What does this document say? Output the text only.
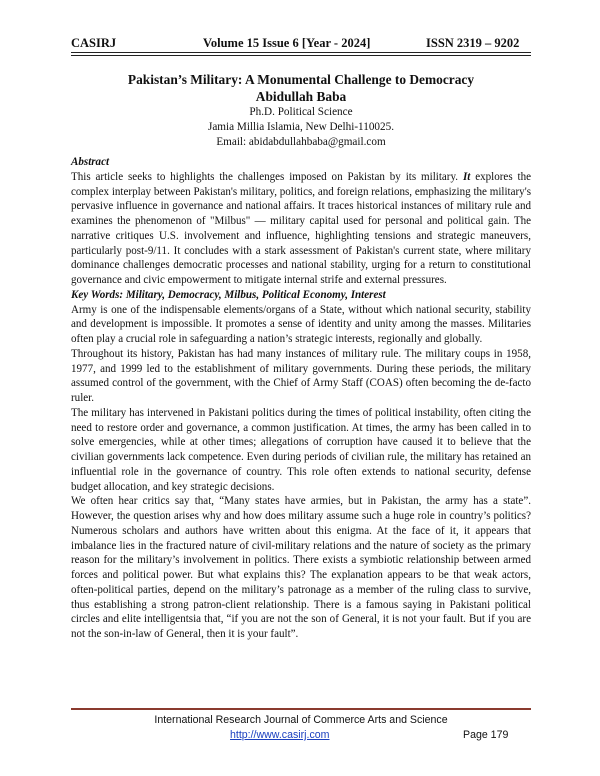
CASIRJ	Volume 15 Issue 6 [Year - 2024]	ISSN 2319 – 9202

Pakistan’s Military: A Monumental Challenge to Democracy

Abidullah Baba

Ph.D. Political Science

Jamia Millia Islamia, New Delhi-110025.

Email: abidabdullahbaba@gmail.com

Abstract

This article seeks to highlights the challenges imposed on Pakistan by its military. It explores the complex interplay between Pakistan's military, politics, and foreign relations, emphasizing the military's pervasive influence in governance and national affairs. It traces historical instances of military rule and examines the phenomenon of "Milbus" — military capital used for personal and political gain. The narrative critiques U.S. involvement and influence, highlighting tensions and strategic maneuvers, particularly post-9/11. It concludes with a stark assessment of Pakistan's current state, where military dominance challenges democratic processes and national stability, urging for a return to constitutional governance and civic empowerment to mitigate internal strife and external pressures.

Key Words: Military, Democracy, Milbus, Political Economy, Interest

Army is one of the indispensable elements/organs of a State, without which national security, stability and development is impossible. It promotes a sense of identity and unity among the masses. Militaries often play a crucial role in safeguarding a nation’s strategic interests, regionally and globally.

Throughout its history, Pakistan has had many instances of military rule. The military coups in 1958, 1977, and 1999 led to the establishment of military governments. During these periods, the military assumed control of the government, with the Chief of Army Staff (COAS) often becoming the de-facto ruler.

The military has intervened in Pakistani politics during the times of political instability, often citing the need to restore order and governance, a common justification. At times, the army has been called in to solve emergencies, while at other times; allegations of corruption have caused it to believe that the civilian governments lack competence. Even during periods of civilian rule, the military has retained an influential role in the governance of country. This role often extends to national security, defense budget allocation, and key strategic decisions.

We often hear critics say that, “Many states have armies, but in Pakistan, the army has a state”. However, the question arises why and how does military assume such a huge role in country’s politics? Numerous scholars and authors have written about this enigma. At the face of it, it appears that imbalance lies in the fractured nature of civil-military relations and the nature of society as the primary reason for the military’s involvement in politics. There exists a symbiotic relationship between armed forces and political power. But what explains this? The explanation appears to be that weak actors, often-political parties, depend on the military’s patronage as a member of the ruling class to survive, thus establishing a strong patron-client relationship. There is a famous saying in Pakistani political circles and elite intelligentsia that, “if you are not the son of General, it is not your fault. But if you are not the son-in-law of General, then it is your fault”.

International Research Journal of Commerce Arts and Science
http://www.casirj.com	Page 179
